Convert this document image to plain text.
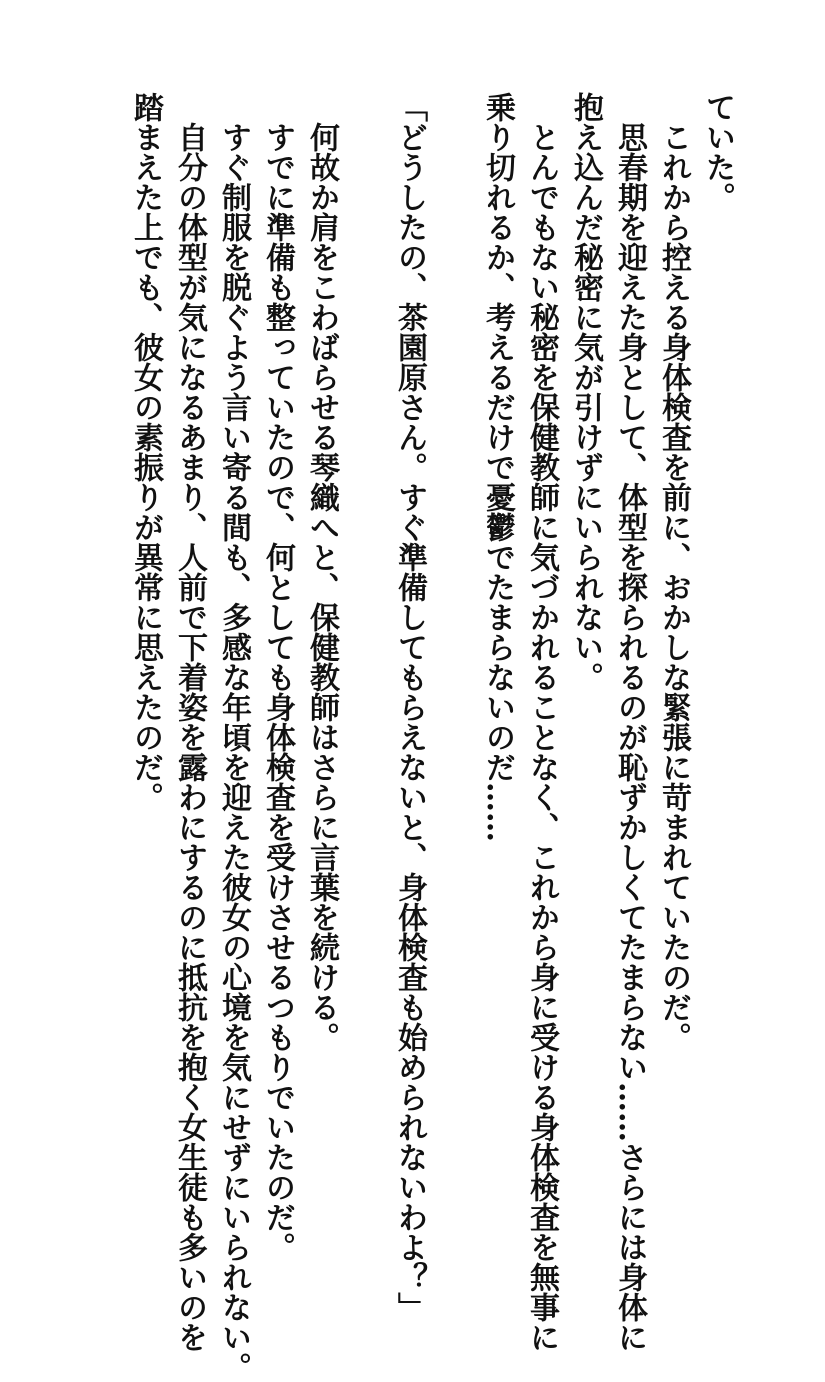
ていた。
　これから控える身体検査を前に、おかしな緊張に苛まれていたのだ。
　思春期を迎えた身として、体型を探られるのが恥ずかしくてたまらない……さらには身体に
抱え込んだ秘密に気が引けずにいられない。
　とんでもない秘密を保健教師に気づかれることなく、これから身に受ける身体検査を無事に
乗り切れるか、考えるだけで憂鬱でたまらないのだ……
「どうしたの、茶園原さん。すぐ準備してもらえないと、身体検査も始められないわよ？」
　何故か肩をこわばらせる琴織へと、保健教師はさらに言葉を続ける。
　すでに準備も整っていたので、何としても身体検査を受けさせるつもりでいたのだ。
　すぐ制服を脱ぐよう言い寄る間も、多感な年頃を迎えた彼女の心境を気にせずにいられない。
　自分の体型が気になるあまり、人前で下着姿を露わにするのに抵抗を抱く女生徒も多いのを
踏まえた上でも、彼女の素振りが異常に思えたのだ。
